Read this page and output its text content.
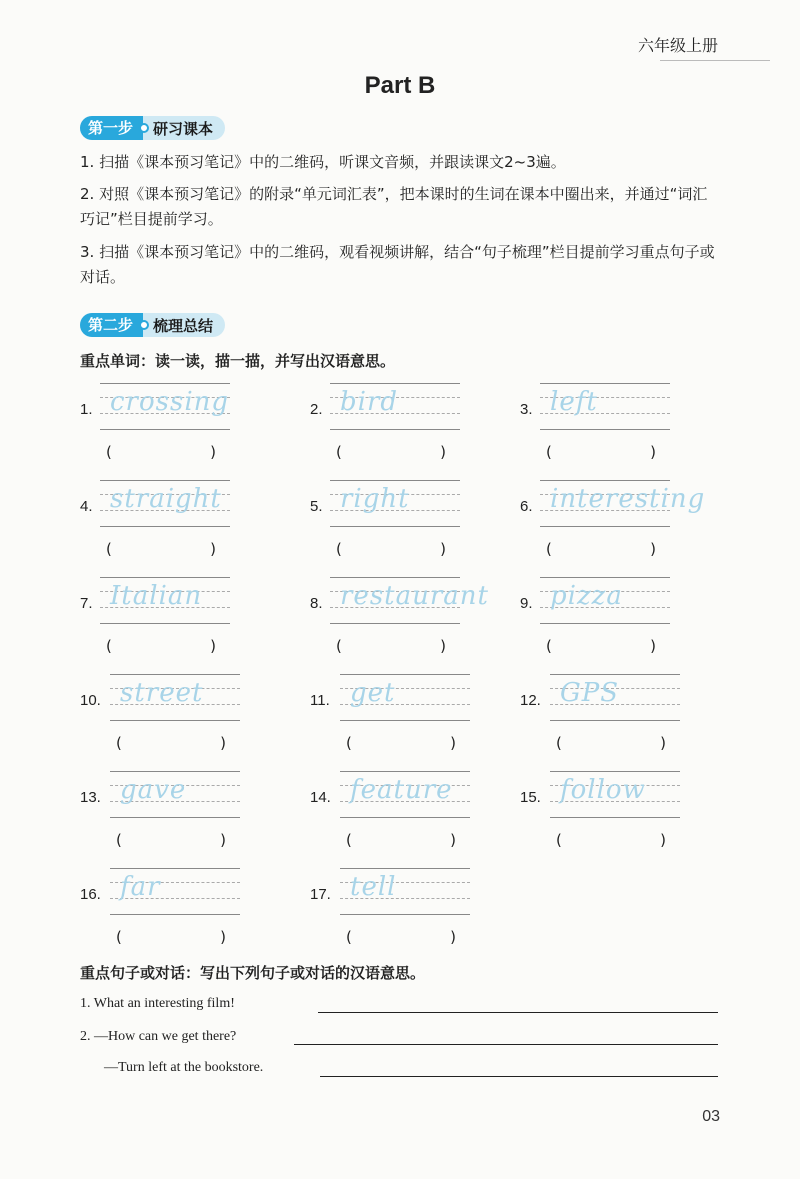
六年级上册
Part B
第一步	研习课本
1. 扫描《课本预习笔记》中的二维码，听课文音频，并跟读课文2~3遍。
2. 对照《课本预习笔记》的附录“单元词汇表”，把本课时的生词在课本中圈出来，并通过“词汇巧记”栏目提前学习。
3. 扫描《课本预习笔记》中的二维码，观看视频讲解，结合“句子梳理”栏目提前学习重点句子或对话。
第二步	梳理总结
重点单词：读一读，描一描，并写出汉语意思。
1. crossing
(	)
2. bird
(	)
3. left
(	)
4. straight
(	)
5. right
(	)
6. interesting
(	)
7. Italian
(	)
8. restaurant
(	)
9. pizza
(	)
10. street
(	)
11. get
(	)
12. GPS
(	)
13. gave
(	)
14. feature
(	)
15. follow
(	)
16. far
(	)
17. tell
(	)
重点句子或对话：写出下列句子或对话的汉语意思。
1. What an interesting film!
2. —How can we get there?
—Turn left at the bookstore.
03
